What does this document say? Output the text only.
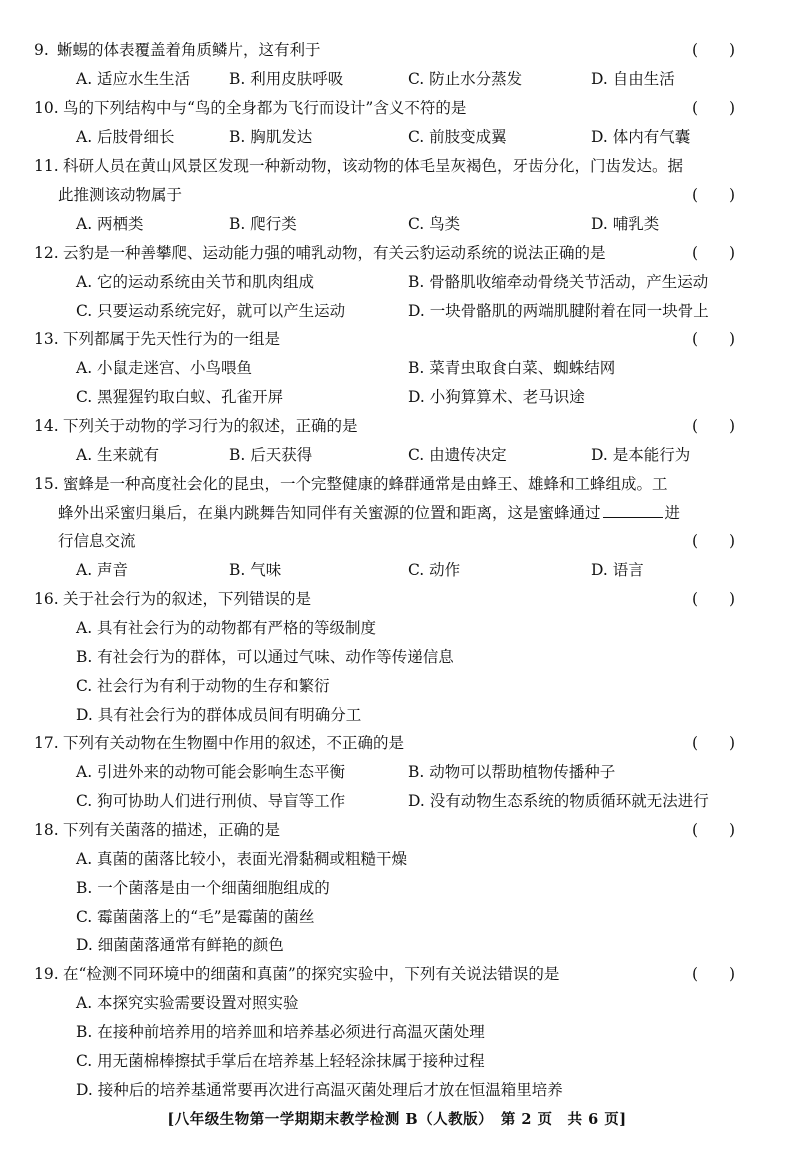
9. 蜥蜴的体表覆盖着角质鳞片，这有利于	(　　)
A. 适应水生生活	B. 利用皮肤呼吸	C. 防止水分蒸发	D. 自由生活
10. 鸟的下列结构中与“鸟的全身都为飞行而设计”含义不符的是	(　　)
A. 后肢骨细长	B. 胸肌发达	C. 前肢变成翼	D. 体内有气囊
11. 科研人员在黄山风景区发现一种新动物，该动物的体毛呈灰褐色，牙齿分化，门齿发达。据
此推测该动物属于	(　　)
A. 两栖类	B. 爬行类	C. 鸟类	D. 哺乳类
12. 云豹是一种善攀爬、运动能力强的哺乳动物，有关云豹运动系统的说法正确的是	(　　)
A. 它的运动系统由关节和肌肉组成	B. 骨骼肌收缩牵动骨绕关节活动，产生运动
C. 只要运动系统完好，就可以产生运动	D. 一块骨骼肌的两端肌腱附着在同一块骨上
13. 下列都属于先天性行为的一组是	(　　)
A. 小鼠走迷宫、小鸟喂鱼	B. 菜青虫取食白菜、蜘蛛结网
C. 黑猩猩钓取白蚁、孔雀开屏	D. 小狗算算术、老马识途
14. 下列关于动物的学习行为的叙述，正确的是	(　　)
A. 生来就有	B. 后天获得	C. 由遗传决定	D. 是本能行为
15. 蜜蜂是一种高度社会化的昆虫，一个完整健康的蜂群通常是由蜂王、雄蜂和工蜂组成。工
蜂外出采蜜归巢后，在巢内跳舞告知同伴有关蜜源的位置和距离，这是蜜蜂通过	进
行信息交流	(　　)
A. 声音	B. 气味	C. 动作	D. 语言
16. 关于社会行为的叙述，下列错误的是	(　　)
A. 具有社会行为的动物都有严格的等级制度
B. 有社会行为的群体，可以通过气味、动作等传递信息
C. 社会行为有利于动物的生存和繁衍
D. 具有社会行为的群体成员间有明确分工
17. 下列有关动物在生物圈中作用的叙述，不正确的是	(　　)
A. 引进外来的动物可能会影响生态平衡	B. 动物可以帮助植物传播种子
C. 狗可协助人们进行刑侦、导盲等工作	D. 没有动物生态系统的物质循环就无法进行
18. 下列有关菌落的描述，正确的是	(　　)
A. 真菌的菌落比较小，表面光滑黏稠或粗糙干燥
B. 一个菌落是由一个细菌细胞组成的
C. 霉菌菌落上的“毛”是霉菌的菌丝
D. 细菌菌落通常有鲜艳的颜色
19. 在“检测不同环境中的细菌和真菌”的探究实验中，下列有关说法错误的是	(　　)
A. 本探究实验需要设置对照实验
B. 在接种前培养用的培养皿和培养基必须进行高温灭菌处理
C. 用无菌棉棒擦拭手掌后在培养基上轻轻涂抹属于接种过程
D. 接种后的培养基通常要再次进行高温灭菌处理后才放在恒温箱里培养
[八年级生物第一学期期末教学检测 B（人教版）　第 2 页　共 6 页]
